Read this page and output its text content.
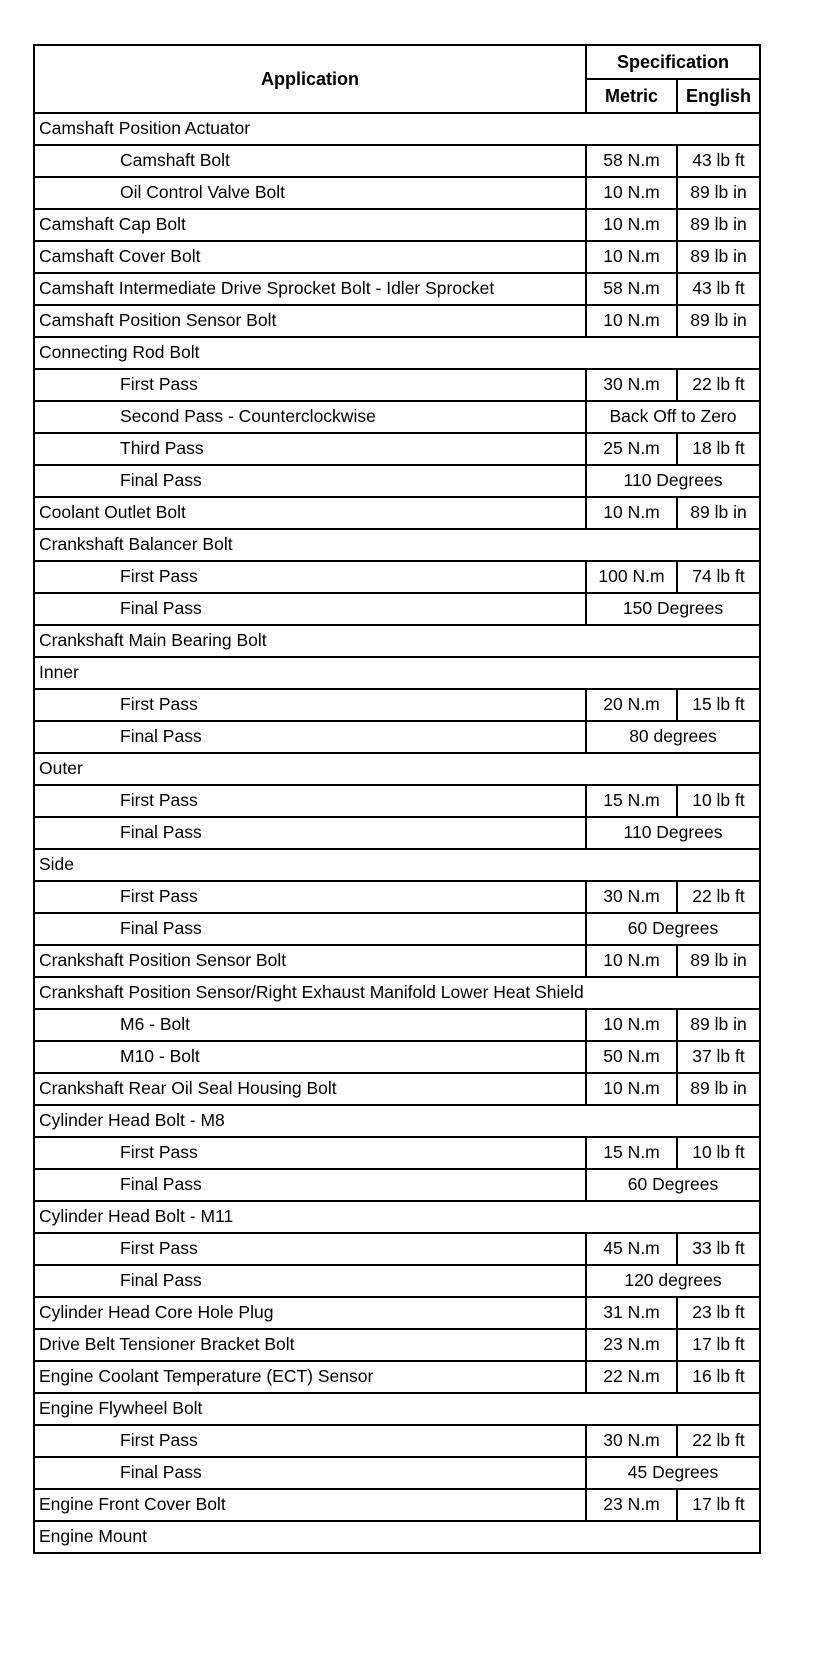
Application	Specification	
	Metric	English
Camshaft Position Actuator		
Camshaft Bolt	58 N.m	43 lb ft
Oil Control Valve Bolt	10 N.m	89 lb in
Camshaft Cap Bolt	10 N.m	89 lb in
Camshaft Cover Bolt	10 N.m	89 lb in
Camshaft Intermediate Drive Sprocket Bolt - Idler Sprocket	58 N.m	43 lb ft
Camshaft Position Sensor Bolt	10 N.m	89 lb in
Connecting Rod Bolt		
First Pass	30 N.m	22 lb ft
Second Pass - Counterclockwise	Back Off to Zero	
Third Pass	25 N.m	18 lb ft
Final Pass	110 Degrees	
Coolant Outlet Bolt	10 N.m	89 lb in
Crankshaft Balancer Bolt		
First Pass	100 N.m	74 lb ft
Final Pass	150 Degrees	
Crankshaft Main Bearing Bolt		
Inner		
First Pass	20 N.m	15 lb ft
Final Pass	80 degrees	
Outer		
First Pass	15 N.m	10 lb ft
Final Pass	110 Degrees	
Side		
First Pass	30 N.m	22 lb ft
Final Pass	60 Degrees	
Crankshaft Position Sensor Bolt	10 N.m	89 lb in
Crankshaft Position Sensor/Right Exhaust Manifold Lower Heat Shield		
M6 - Bolt	10 N.m	89 lb in
M10 - Bolt	50 N.m	37 lb ft
Crankshaft Rear Oil Seal Housing Bolt	10 N.m	89 lb in
Cylinder Head Bolt - M8		
First Pass	15 N.m	10 lb ft
Final Pass	60 Degrees	
Cylinder Head Bolt - M11		
First Pass	45 N.m	33 lb ft
Final Pass	120 degrees	
Cylinder Head Core Hole Plug	31 N.m	23 lb ft
Drive Belt Tensioner Bracket Bolt	23 N.m	17 lb ft
Engine Coolant Temperature (ECT) Sensor	22 N.m	16 lb ft
Engine Flywheel Bolt		
First Pass	30 N.m	22 lb ft
Final Pass	45 Degrees	
Engine Front Cover Bolt	23 N.m	17 lb ft
Engine Mount		
